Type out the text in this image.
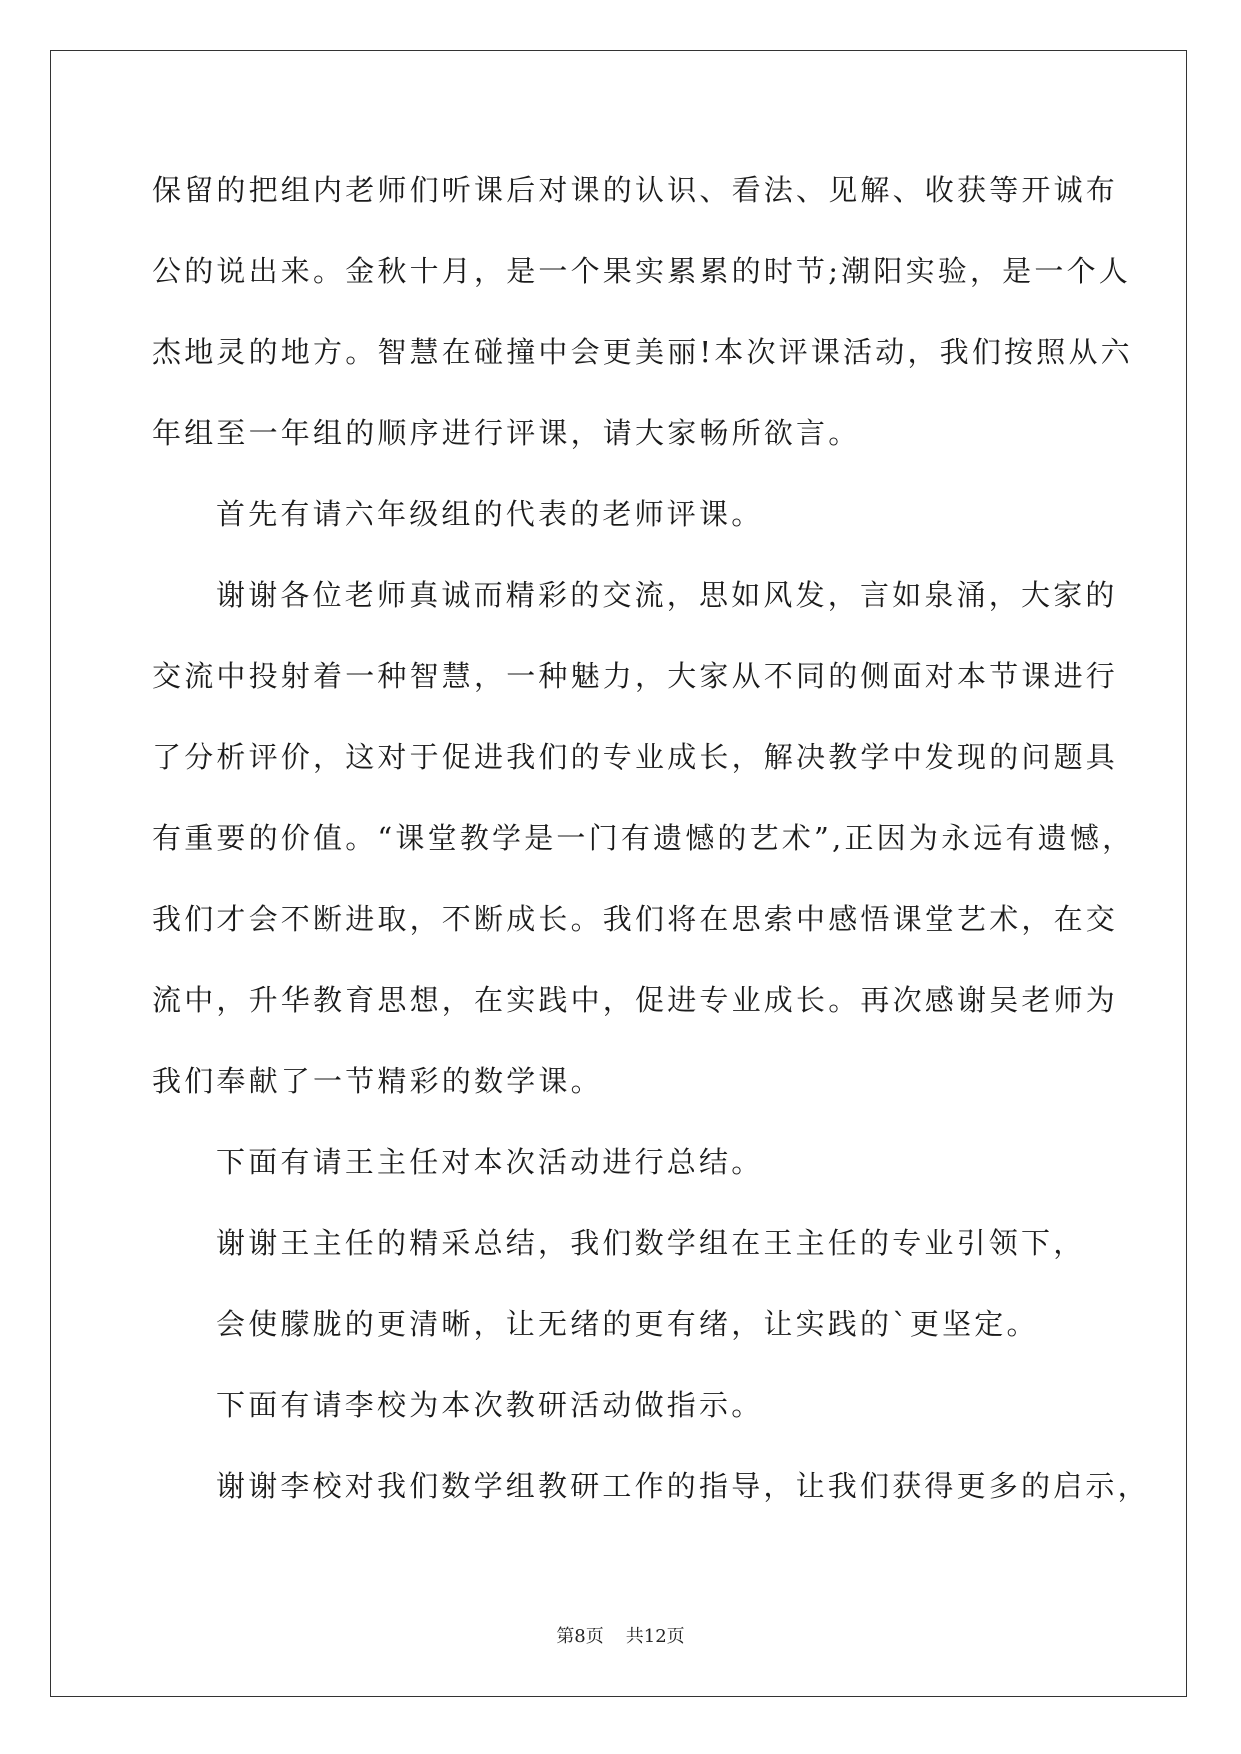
保留的把组内老师们听课后对课的认识、看法、见解、收获等开诚布
公的说出来。金秋十月，是一个果实累累的时节;潮阳实验，是一个人
杰地灵的地方。智慧在碰撞中会更美丽!本次评课活动，我们按照从六
年组至一年组的顺序进行评课，请大家畅所欲言。
首先有请六年级组的代表的老师评课。
谢谢各位老师真诚而精彩的交流，思如风发，言如泉涌，大家的
交流中投射着一种智慧，一种魅力，大家从不同的侧面对本节课进行
了分析评价，这对于促进我们的专业成长，解决教学中发现的问题具
有重要的价值。“课堂教学是一门有遗憾的艺术”,正因为永远有遗憾，
我们才会不断进取，不断成长。我们将在思索中感悟课堂艺术，在交
流中，升华教育思想，在实践中，促进专业成长。再次感谢吴老师为
我们奉献了一节精彩的数学课。
下面有请王主任对本次活动进行总结。
谢谢王主任的精采总结，我们数学组在王主任的专业引领下，
会使朦胧的更清晰，让无绪的更有绪，让实践的`更坚定。
下面有请李校为本次教研活动做指示。
谢谢李校对我们数学组教研工作的指导，让我们获得更多的启示，
第8页 共12页
